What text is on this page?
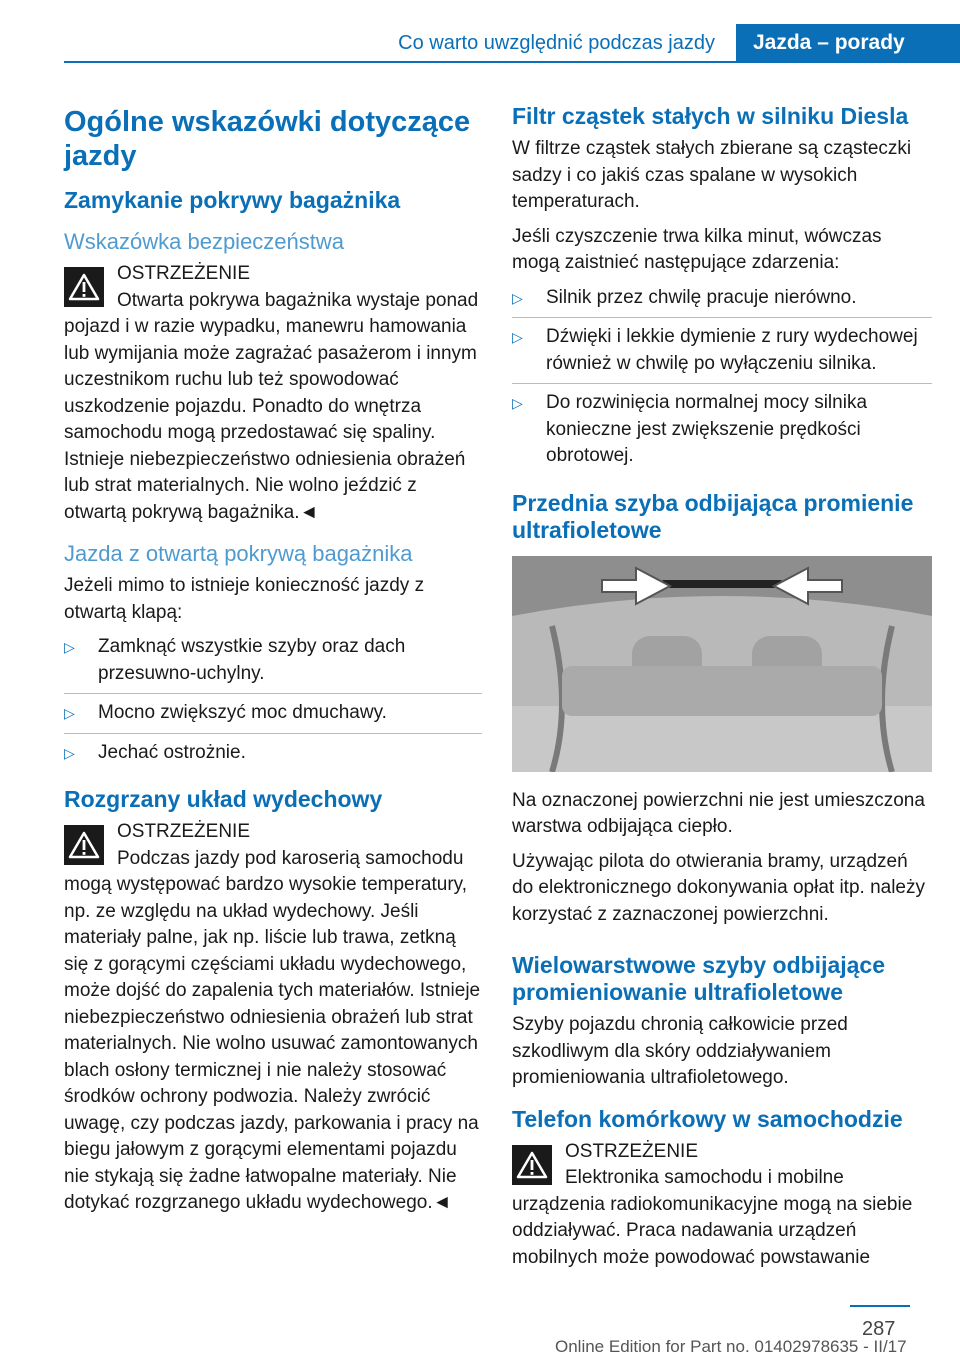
Co warto uwzględnić podczas jazdy	Jazda – porady
Ogólne wskazówki dotyczące jazdy
Zamykanie pokrywy bagażnika
Wskazówka bezpieczeństwa
OSTRZEŻENIE
Otwarta pokrywa bagażnika wystaje ponad pojazd i w razie wypadku, manewru hamowania lub wymijania może zagrażać pasażerom i innym uczestnikom ruchu lub też spowodować uszkodzenie pojazdu. Ponadto do wnętrza samochodu mogą przedostawać się spaliny. Istnieje niebezpieczeństwo odniesienia obrażeń lub strat materialnych. Nie wolno jeździć z otwartą pokrywą bagażnika.◄
Jazda z otwartą pokrywą bagażnika

Jeżeli mimo to istnieje konieczność jazdy z otwartą klapą:

▷ Zamknąć wszystkie szyby oraz dach przesuwno-uchylny.
▷ Mocno zwiększyć moc dmuchawy.
▷ Jechać ostrożnie.
Rozgrzany układ wydechowy
OSTRZEŻENIE
Podczas jazdy pod karoserią samochodu mogą występować bardzo wysokie temperatury, np. ze względu na układ wydechowy. Jeśli materiały palne, jak np. liście lub trawa, zetkną się z gorącymi częściami układu wydechowego, może dojść do zapalenia tych materiałów. Istnieje niebezpieczeństwo odniesienia obrażeń lub strat materialnych. Nie wolno usuwać zamontowanych blach osłony termicznej i nie należy stosować środków ochrony podwozia. Należy zwrócić uwagę, czy podczas jazdy, parkowania i pracy na biegu jałowym z gorącymi elementami pojazdu nie stykają się żadne łatwopalne materiały. Nie dotykać rozgrzanego układu wydechowego.◄
Filtr cząstek stałych w silniku Diesla

W filtrze cząstek stałych zbierane są cząsteczki sadzy i co jakiś czas spalane w wysokich temperaturach.

Jeśli czyszczenie trwa kilka minut, wówczas mogą zaistnieć następujące zdarzenia:

▷ Silnik przez chwilę pracuje nierówno.
▷ Dźwięki i lekkie dymienie z rury wydechowej również w chwilę po wyłączeniu silnika.
▷ Do rozwinięcia normalnej mocy silnika konieczne jest zwiększenie prędkości obrotowej.
Przednia szyba odbijająca promienie ultrafioletowe

Na oznaczonej powierzchni nie jest umieszczona warstwa odbijająca ciepło.

Używając pilota do otwierania bramy, urządzeń do elektronicznego dokonywania opłat itp. należy korzystać z zaznaczonej powierzchni.

Wielowarstwowe szyby odbijające promieniowanie ultrafioletowe

Szyby pojazdu chronią całkowicie przed szkodliwym dla skóry oddziaływaniem promieniowania ultrafioletowego.

Telefon komórkowy w samochodzie
OSTRZEŻENIE
Elektronika samochodu i mobilne urządzenia radiokomunikacyjne mogą na siebie oddziaływać. Praca nadawania urządzeń mobilnych może powodować powstawanie
287
Online Edition for Part no. 01402978635 - II/17
